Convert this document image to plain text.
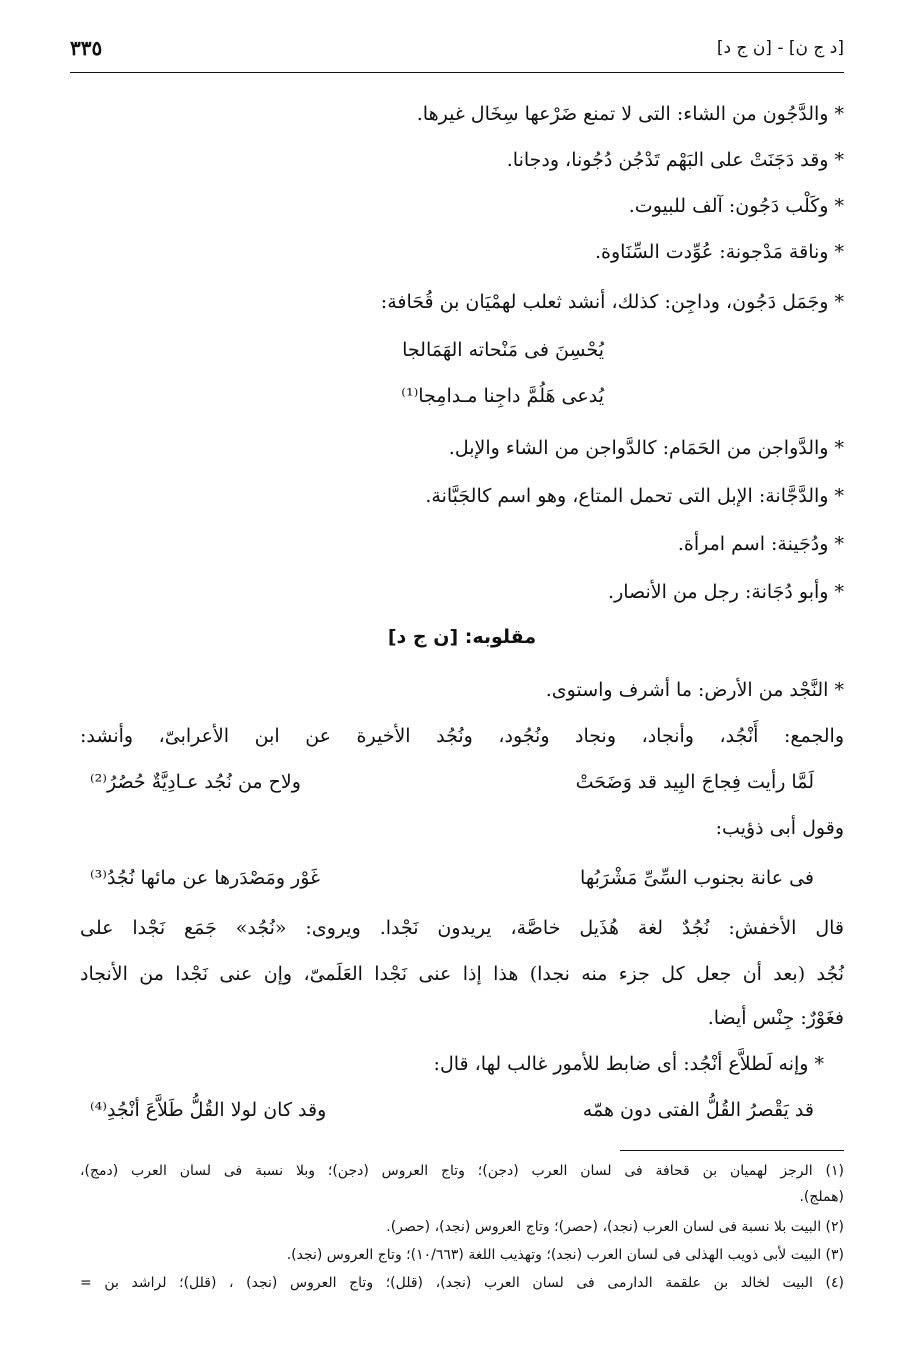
[د ج ن] - [ن ج د]
٣٣٥
* والدَّجُون من الشاء: التى لا تمنع ضَرْعها سِخَال غيرها.
* وقد دَجَنَتْ على البَهْم تَدْجُن دُجُونا، ودجانا.
* وكَلْب دَجُون: آلف للبيوت.
* وناقة مَدْجونة: عُوِّدت السِّنَاوة.
* وجَمَل دَجُون، وداجِن: كذلك، أنشد ثعلب لهمْيَان بن قُحَافة:
يُحْسِنَ فى مَنْحاته الهَمَالجا
يُدعى هَلُمَّ داجِنا مـدامِجا⁽¹⁾
* والدَّواجن من الحَمَام: كالدَّواجن من الشاء والإبل.
* والدَّجَّانة: الإبل التى تحمل المتاع، وهو اسم كالجَبَّانة.
* ودُجَينة: اسم امرأة.
* وأبو دُجَانة: رجل من الأنصار.
مقلوبه: [ن ج د]
* النَّجْد من الأرض: ما أشرف واستوى.
والجمع: أَنْجُد، وأنجاد، ونجاد ونُجُود، ونُجُد الأخيرة عن ابن الأعرابىّ، وأنشد:
لَمَّا رأيت فِجاجَ البِيد قد وَضَحَتْ
ولاح من نُجُد عـادِيَّةٌ حُصُرُ⁽²⁾
وقول أبى ذؤيب:
فى عانة بجنوب السِّىِّ مَشْرَبُها
غَوْر ومَصْدَرها عن مائها نُجُدُ⁽³⁾
قال الأخفش: نُجُدٌ لغة هُذَيل خاصَّة، يريدون نَجْدا. ويروى: «نُجُد» جَمَع نَجْدا على
نُجُد (بعد أن جعل كل جزء منه نجدا) هذا إذا عنى نَجْدا العَلَمىّ، وإن عنى نَجْدا من الأنجاد
فغَوْرٌ: جِنْس أيضا.
* وإنه لَطلاَّع أنْجُد: أى ضابط للأمور غالب لها، قال:
قد يَقْصرُ القُلُّ الفتى دون همّه
وقد كان لولا القُلُّ طَلاَّعَ أنْجُدِ⁽⁴⁾
(١) الرجز لهميان بن قحافة فى لسان العرب (دجن)؛ وتاج العروس (دجن)؛ وبلا نسبة فى لسان العرب (دمج)،
(هملج).
(٢) البيت بلا نسبة فى لسان العرب (نجد)، (حصر)؛ وتاج العروس (نجد)، (حصر).
(٣) البيت لأبى ذويب الهذلى فى لسان العرب (نجد)؛ وتهذيب اللغة (١٠/٦٦٣)؛ وتاج العروس (نجد).
(٤) البيت لخالد بن علقمة الدارمى فى لسان العرب (نجد)، (قلل)؛ وتاج العروس (نجد) ، (قلل)؛ لراشد بن =
